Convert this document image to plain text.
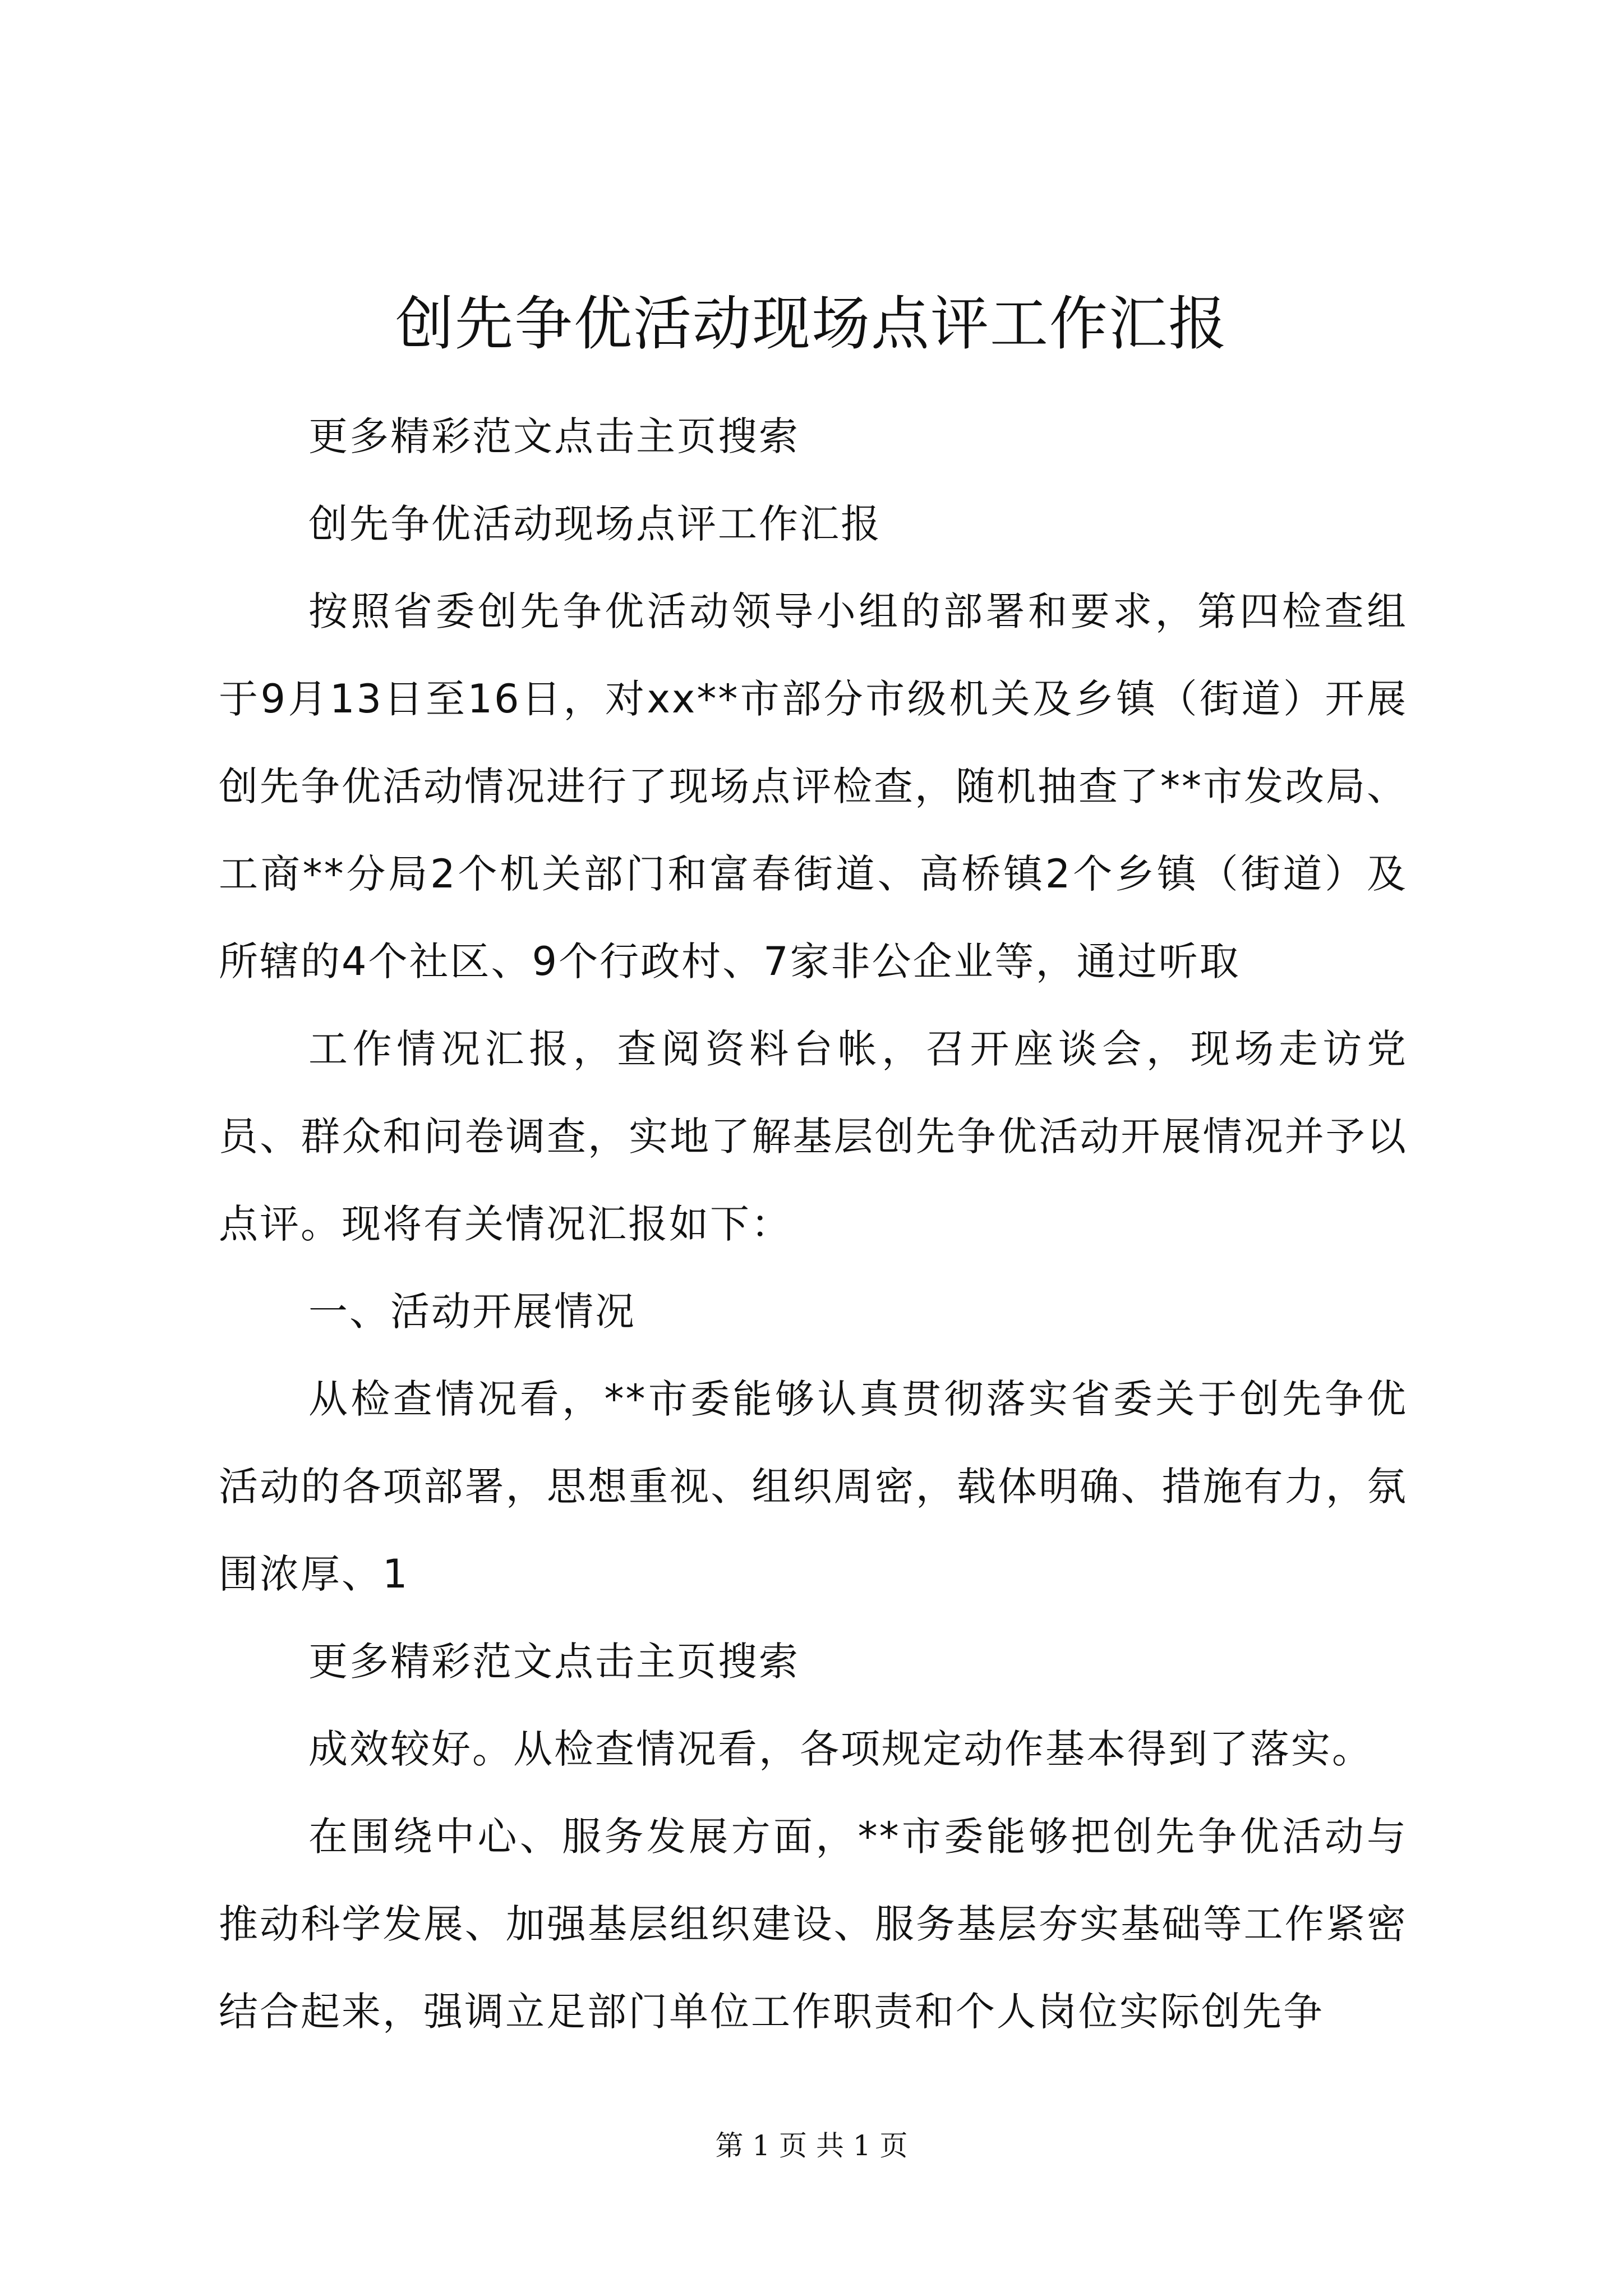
创先争优活动现场点评工作汇报

更多精彩范文点击主页搜索

创先争优活动现场点评工作汇报

按照省委创先争优活动领导小组的部署和要求，第四检查组于9月13日至16日，对xx**市部分市级机关及乡镇（街道）开展创先争优活动情况进行了现场点评检查，随机抽查了**市发改局、工商**分局2个机关部门和富春街道、高桥镇2个乡镇（街道）及所辖的4个社区、9个行政村、7家非公企业等，通过听取

工作情况汇报，查阅资料台帐，召开座谈会，现场走访党员、群众和问卷调查，实地了解基层创先争优活动开展情况并予以点评。现将有关情况汇报如下：

一、活动开展情况

从检查情况看，**市委能够认真贯彻落实省委关于创先争优活动的各项部署，思想重视、组织周密，载体明确、措施有力，氛围浓厚、1

更多精彩范文点击主页搜索

成效较好。从检查情况看，各项规定动作基本得到了落实。

在围绕中心、服务发展方面，**市委能够把创先争优活动与推动科学发展、加强基层组织建设、服务基层夯实基础等工作紧密结合起来，强调立足部门单位工作职责和个人岗位实际创先争

第 1 页 共 1 页
